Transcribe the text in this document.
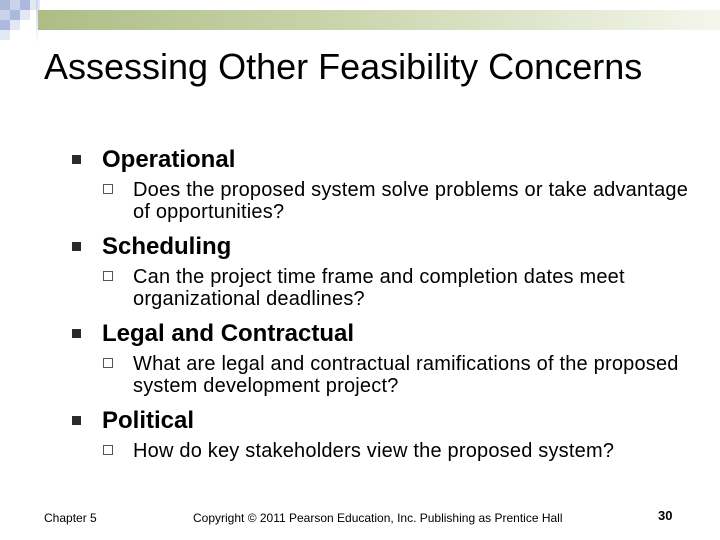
Assessing Other Feasibility Concerns
Operational
Does the proposed system solve problems or take advantage of opportunities?
Scheduling
Can the project time frame and completion dates meet organizational deadlines?
Legal and Contractual
What are legal and contractual ramifications of the proposed system development project?
Political
How do key stakeholders view the proposed system?
Chapter 5	Copyright © 2011 Pearson Education, Inc. Publishing as Prentice Hall	30
